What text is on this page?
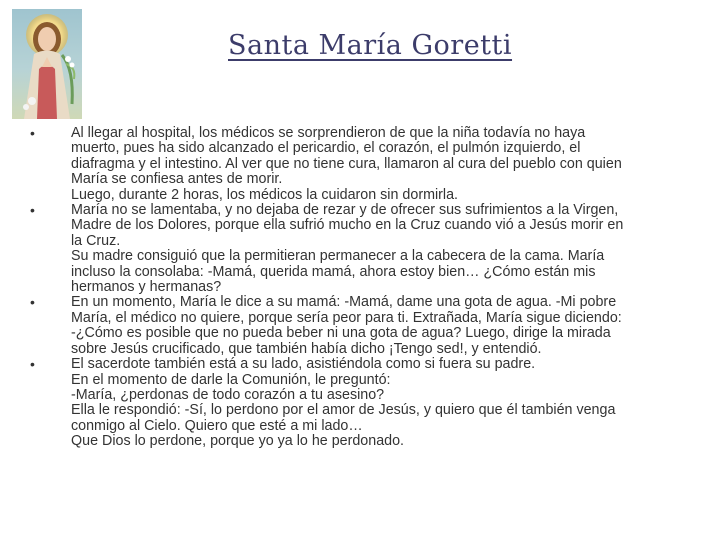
Santa María Goretti
•	Al llegar al hospital, los médicos se sorprendieron de que la niña todavía no haya
muerto, pues ha sido alcanzado el pericardio, el corazón, el pulmón izquierdo, el
diafragma y el intestino. Al ver que no tiene cura, llamaron al cura del pueblo con quien
María se confiesa antes de morir.
Luego, durante 2 horas, los médicos la cuidaron sin dormirla.
•	María no se lamentaba, y no dejaba de rezar y de ofrecer sus sufrimientos a la Virgen,
Madre de los Dolores, porque ella sufrió mucho en la Cruz cuando vió a Jesús morir en
la Cruz.
Su madre consiguió que la permitieran permanecer a la cabecera de la cama. María
incluso la consolaba: -Mamá, querida mamá, ahora estoy bien… ¿Cómo están mis
hermanos y hermanas?
•	En un momento, María le dice a su mamá: -Mamá, dame una gota de agua. -Mi pobre
María, el médico no quiere, porque sería peor para ti. Extrañada, María sigue diciendo:
-¿Cómo es posible que no pueda beber ni una gota de agua? Luego, dirige la mirada
sobre Jesús crucificado, que también había dicho ¡Tengo sed!, y entendió.
•	El sacerdote también está a su lado, asistiéndola como si fuera su padre.
En el momento de darle la Comunión, le preguntó:
-María, ¿perdonas de todo corazón a tu asesino?
Ella le respondió: -Sí, lo perdono por el amor de Jesús, y quiero que él también venga
conmigo al Cielo. Quiero que esté a mi lado…
Que Dios lo perdone, porque yo ya lo he perdonado.
